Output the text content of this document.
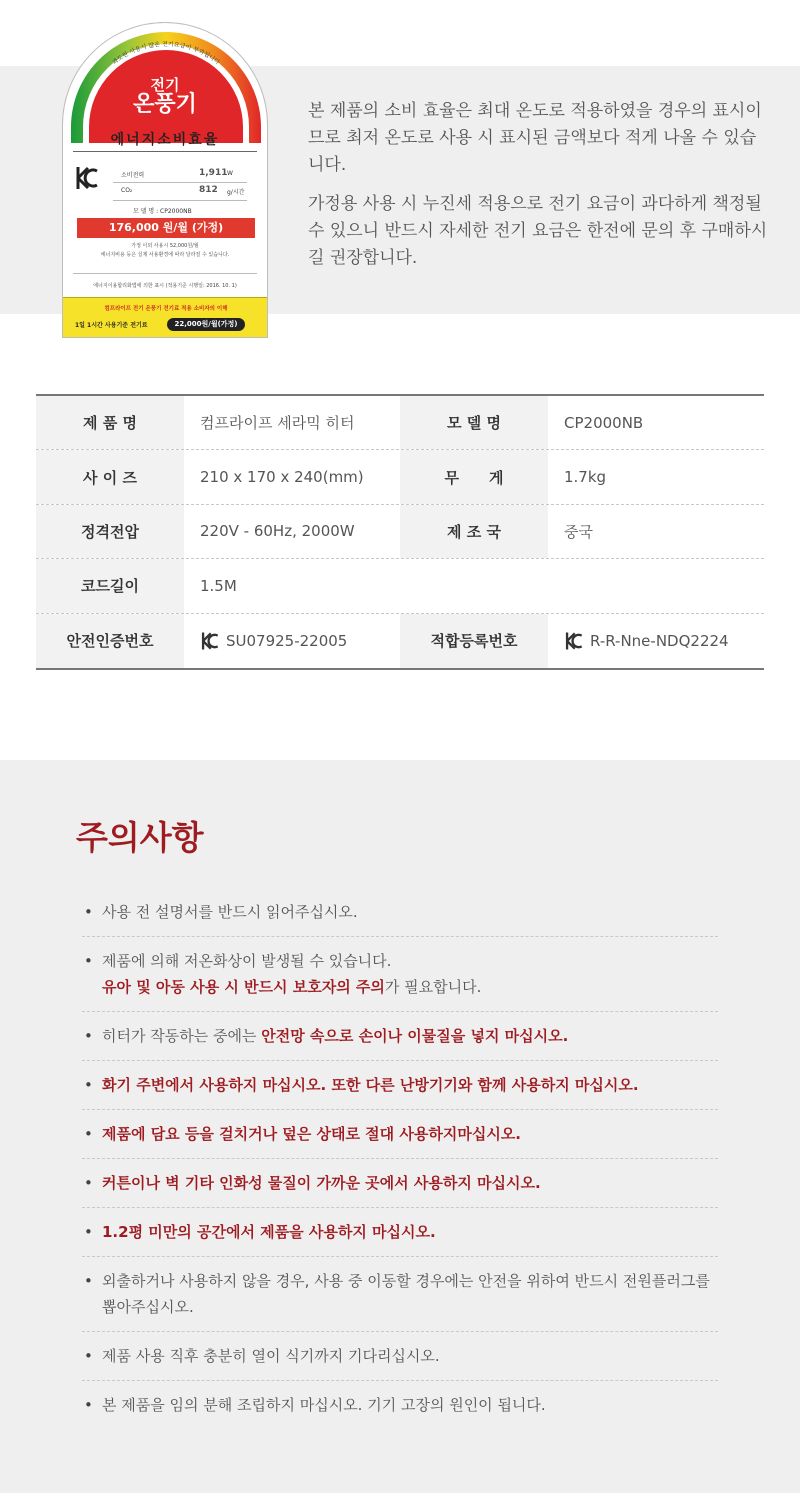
과도한 사용시 많은 전기요금이 부과됩니다
전기
온풍기
에너지소비효율
소비전력	1,911 W
CO₂	812 g/시간
모 델 명 : CP2000NB
176,000 원/월 (가정)
가정 이외 사용시 52,000원/월
에너지비용 등은 실제 사용환경에 따라 달라질 수 있습니다.
에너지이용합리화법에 의한 표시 (적용기준 시행일: 2016. 10. 1)
컴프라이프 전기 온풍기 전기료 적용 소비자의 이해
1일 1시간 사용기준 전기료	22,000원/월(가정)

본 제품의 소비 효율은 최대 온도로 적용하였을 경우의 표시이므로 최저 온도로 사용 시 표시된 금액보다 적게 나올 수 있습니다.

가정용 사용 시 누진세 적용으로 전기 요금이 과다하게 책정될 수 있으니 반드시 자세한 전기 요금은 한전에 문의 후 구매하시길 권장합니다.

제 품 명	컴프라이프 세라믹 히터	모 델 명	CP2000NB
사 이 즈	210 x 170 x 240(mm)	무　　게	1.7kg
정격전압	220V - 60Hz, 2000W	제 조 국	중국
코드길이	1.5M
안전인증번호	SU07925-22005	적합등록번호	R-R-Nne-NDQ2224
주의사항
• 사용 전 설명서를 반드시 읽어주십시오.
• 제품에 의해 저온화상이 발생될 수 있습니다.
유아 및 아동 사용 시 반드시 보호자의 주의가 필요합니다.
• 히터가 작동하는 중에는 안전망 속으로 손이나 이물질을 넣지 마십시오.
• 화기 주변에서 사용하지 마십시오. 또한 다른 난방기기와 함께 사용하지 마십시오.
• 제품에 담요 등을 걸치거나 덮은 상태로 절대 사용하지마십시오.
• 커튼이나 벽 기타 인화성 물질이 가까운 곳에서 사용하지 마십시오.
• 1.2평 미만의 공간에서 제품을 사용하지 마십시오.
• 외출하거나 사용하지 않을 경우, 사용 중 이동할 경우에는 안전을 위하여 반드시 전원플러그를 뽑아주십시오.
• 제품 사용 직후 충분히 열이 식기까지 기다리십시오.
• 본 제품을 임의 분해 조립하지 마십시오. 기기 고장의 원인이 됩니다.
